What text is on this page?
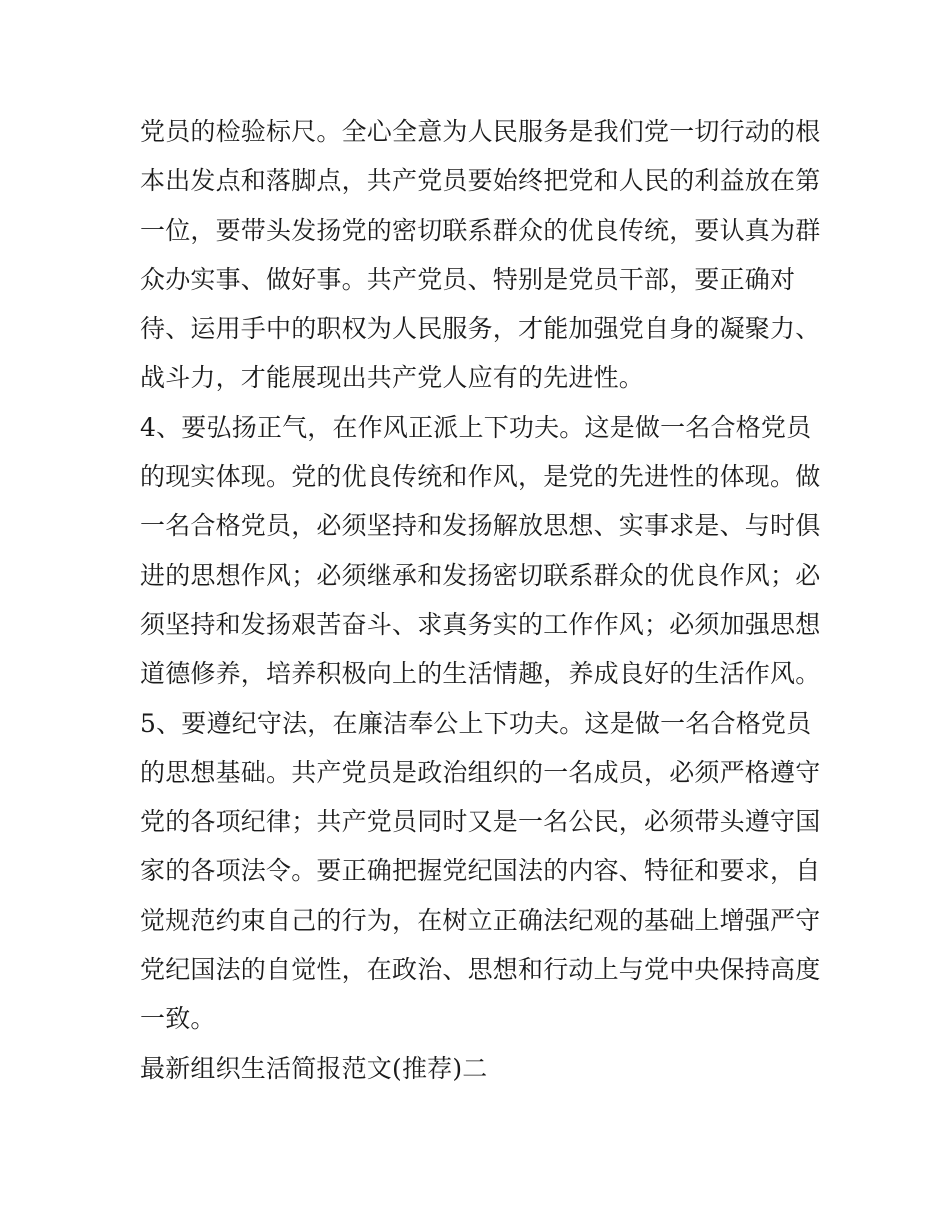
党员的检验标尺。全心全意为人民服务是我们党一切行动的根
本出发点和落脚点，共产党员要始终把党和人民的利益放在第
一位，要带头发扬党的密切联系群众的优良传统，要认真为群
众办实事、做好事。共产党员、特别是党员干部，要正确对
待、运用手中的职权为人民服务，才能加强党自身的凝聚力、
战斗力，才能展现出共产党人应有的先进性。
4、要弘扬正气，在作风正派上下功夫。这是做一名合格党员
的现实体现。党的优良传统和作风，是党的先进性的体现。做
一名合格党员，必须坚持和发扬解放思想、实事求是、与时俱
进的思想作风；必须继承和发扬密切联系群众的优良作风；必
须坚持和发扬艰苦奋斗、求真务实的工作作风；必须加强思想
道德修养，培养积极向上的生活情趣，养成良好的生活作风。
5、要遵纪守法，在廉洁奉公上下功夫。这是做一名合格党员
的思想基础。共产党员是政治组织的一名成员，必须严格遵守
党的各项纪律；共产党员同时又是一名公民，必须带头遵守国
家的各项法令。要正确把握党纪国法的内容、特征和要求，自
觉规范约束自己的行为，在树立正确法纪观的基础上增强严守
党纪国法的自觉性，在政治、思想和行动上与党中央保持高度
一致。
最新组织生活简报范文(推荐)二
